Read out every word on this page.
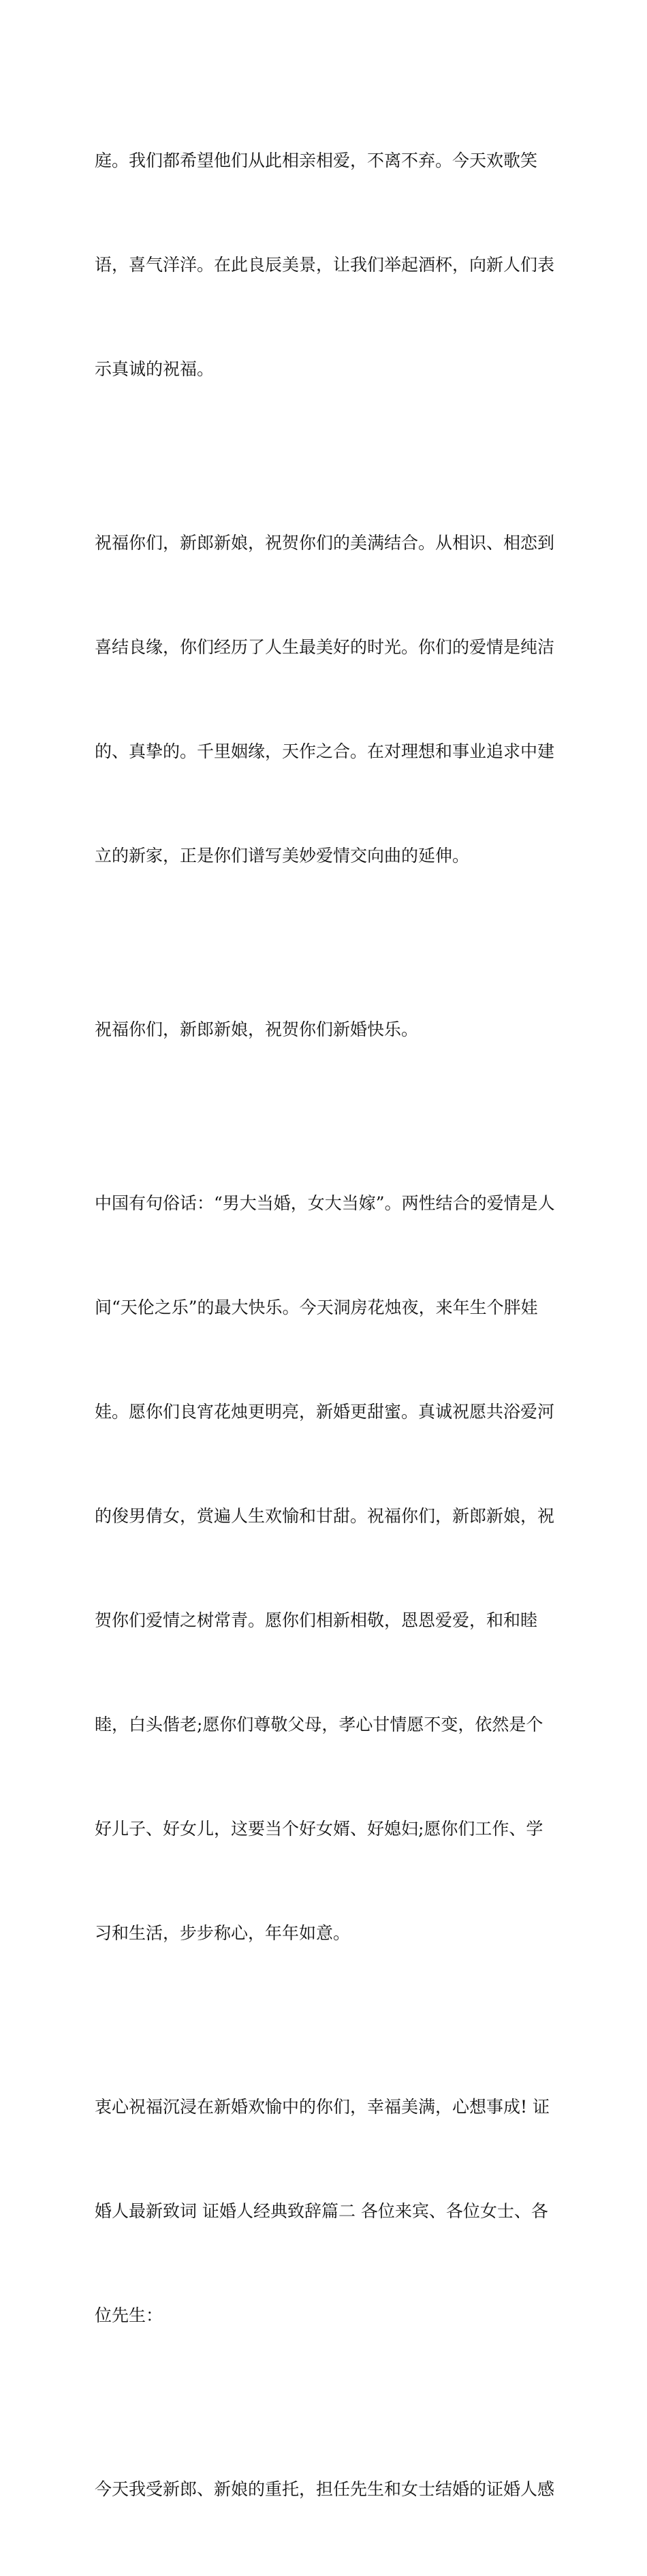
庭。我们都希望他们从此相亲相爱，不离不弃。今天欢歌笑

语，喜气洋洋。在此良辰美景，让我们举起酒杯，向新人们表

示真诚的祝福。

祝福你们，新郎新娘，祝贺你们的美满结合。从相识、相恋到

喜结良缘，你们经历了人生最美好的时光。你们的爱情是纯洁

的、真挚的。千里姻缘，天作之合。在对理想和事业追求中建

立的新家，正是你们谱写美妙爱情交向曲的延伸。

祝福你们，新郎新娘，祝贺你们新婚快乐。

中国有句俗话：“男大当婚，女大当嫁”。两性结合的爱情是人

间“天伦之乐”的最大快乐。今天洞房花烛夜，来年生个胖娃

娃。愿你们良宵花烛更明亮，新婚更甜蜜。真诚祝愿共浴爱河

的俊男倩女，赏遍人生欢愉和甘甜。祝福你们，新郎新娘，祝

贺你们爱情之树常青。愿你们相新相敬，恩恩爱爱，和和睦

睦，白头偕老;愿你们尊敬父母，孝心甘情愿不变，依然是个

好儿子、好女儿，这要当个好女婿、好媳妇;愿你们工作、学

习和生活，步步称心，年年如意。

衷心祝福沉浸在新婚欢愉中的你们，幸福美满，心想事成! 证

婚人最新致词 证婚人经典致辞篇二 各位来宾、各位女士、各

位先生：

今天我受新郎、新娘的重托，担任先生和女士结婚的证婚人感
